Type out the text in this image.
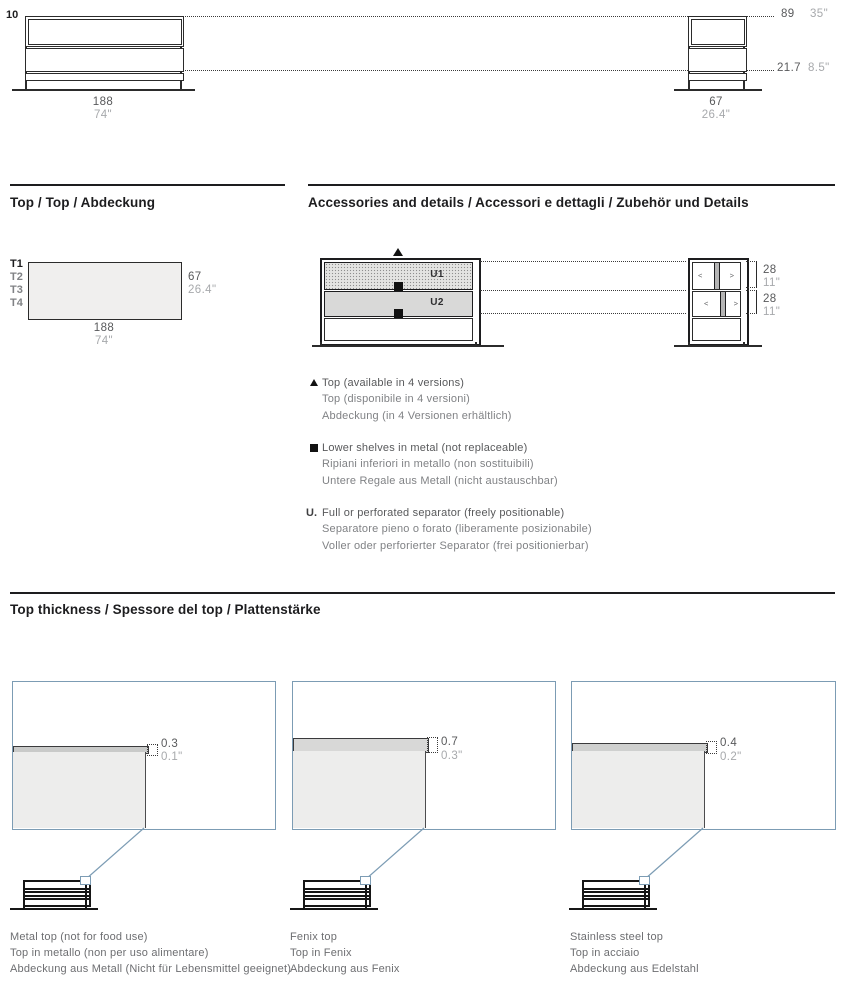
10
188
74"
67
26.4"
89 35"
21.7 8.5"
Top / Top / Abdeckung	Accessories and details / Accessori e dettagli / Zubehör und Details
T1
T2
T3
T4
67
26.4"
188
74"
U1
U2
<	>
<	>
28
11"
28
11"
Top (available in 4 versions)
Top (disponibile in 4 versioni)
Abdeckung (in 4 Versionen erhältlich)
Lower shelves in metal (not replaceable)
Ripiani inferiori in metallo (non sostituibili)
Untere Regale aus Metall (nicht austauschbar)
U. Full or perforated separator (freely positionable)
Separatore pieno o forato (liberamente posizionabile)
Voller oder perforierter Separator (frei positionierbar)
Top thickness / Spessore del top / Plattenstärke
0.3
0.1"
0.7
0.3"
0.4
0.2"
Metal top (not for food use)
Top in metallo (non per uso alimentare)
Abdeckung aus Metall (Nicht für Lebensmittel geeignet)
Fenix top
Top in Fenix
Abdeckung aus Fenix
Stainless steel top
Top in acciaio
Abdeckung aus Edelstahl
